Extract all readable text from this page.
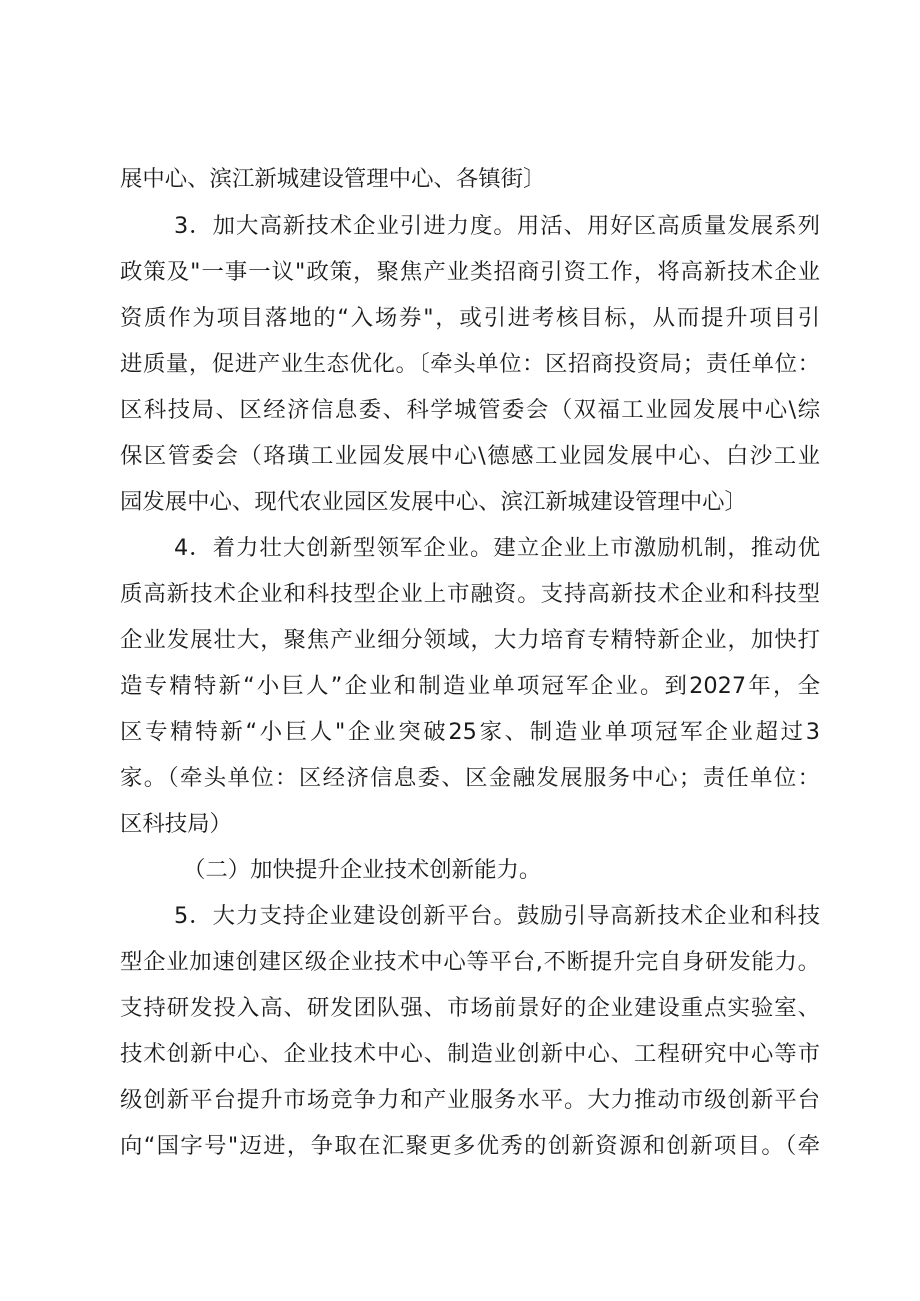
展中心、滨江新城建设管理中心、各镇街〕
3．加大高新技术企业引进力度。用活、用好区高质量发展系列
政策及"一事一议"政策，聚焦产业类招商引资工作，将高新技术企业
资质作为项目落地的“入场券"，或引进考核目标，从而提升项目引
进质量，促进产业生态优化。〔牵头单位：区招商投资局；责任单位：
区科技局、区经济信息委、科学城管委会（双福工业园发展中心\综
保区管委会（珞璜工业园发展中心\德感工业园发展中心、白沙工业
园发展中心、现代农业园区发展中心、滨江新城建设管理中心〕
4．着力壮大创新型领军企业。建立企业上市激励机制，推动优
质高新技术企业和科技型企业上市融资。支持高新技术企业和科技型
企业发展壮大，聚焦产业细分领域，大力培育专精特新企业，加快打
造专精特新“小巨人”企业和制造业单项冠军企业。到2027年，全
区专精特新“小巨人"企业突破25家、制造业单项冠军企业超过3
家。（牵头单位：区经济信息委、区金融发展服务中心；责任单位：
区科技局）
（二）加快提升企业技术创新能力。
5．大力支持企业建设创新平台。鼓励引导高新技术企业和科技
型企业加速创建区级企业技术中心等平台,不断提升完自身研发能力。
支持研发投入高、研发团队强、市场前景好的企业建设重点实验室、
技术创新中心、企业技术中心、制造业创新中心、工程研究中心等市
级创新平台提升市场竞争力和产业服务水平。大力推动市级创新平台
向“国字号"迈进，争取在汇聚更多优秀的创新资源和创新项目。（牵
